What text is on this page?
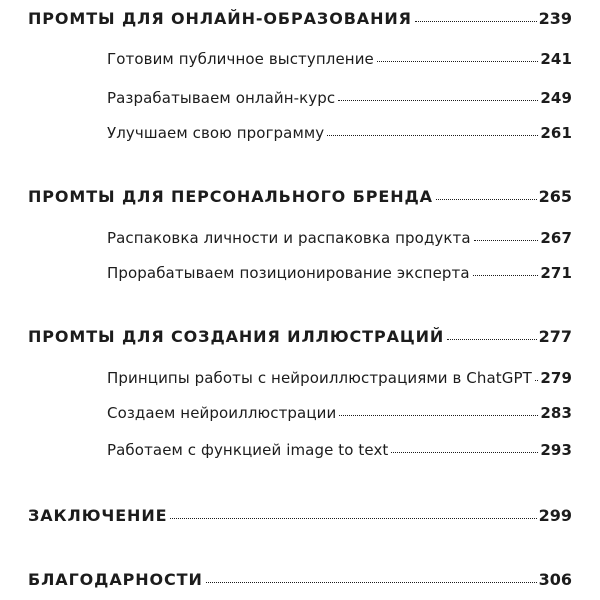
ПРОМТЫ ДЛЯ ОНЛАЙН-ОБРАЗОВАНИЯ	239
Готовим публичное выступление	241
Разрабатываем онлайн-курс	249
Улучшаем свою программу	261
ПРОМТЫ ДЛЯ ПЕРСОНАЛЬНОГО БРЕНДА	265
Распаковка личности и распаковка продукта	267
Прорабатываем позиционирование эксперта	271
ПРОМТЫ ДЛЯ СОЗДАНИЯ ИЛЛЮСТРАЦИЙ	277
Принципы работы с нейроиллюстрациями в ChatGPT 279
Создаем нейроиллюстрации	283
Работаем с функцией image to text	293
ЗАКЛЮЧЕНИЕ	299
БЛАГОДАРНОСТИ	306
